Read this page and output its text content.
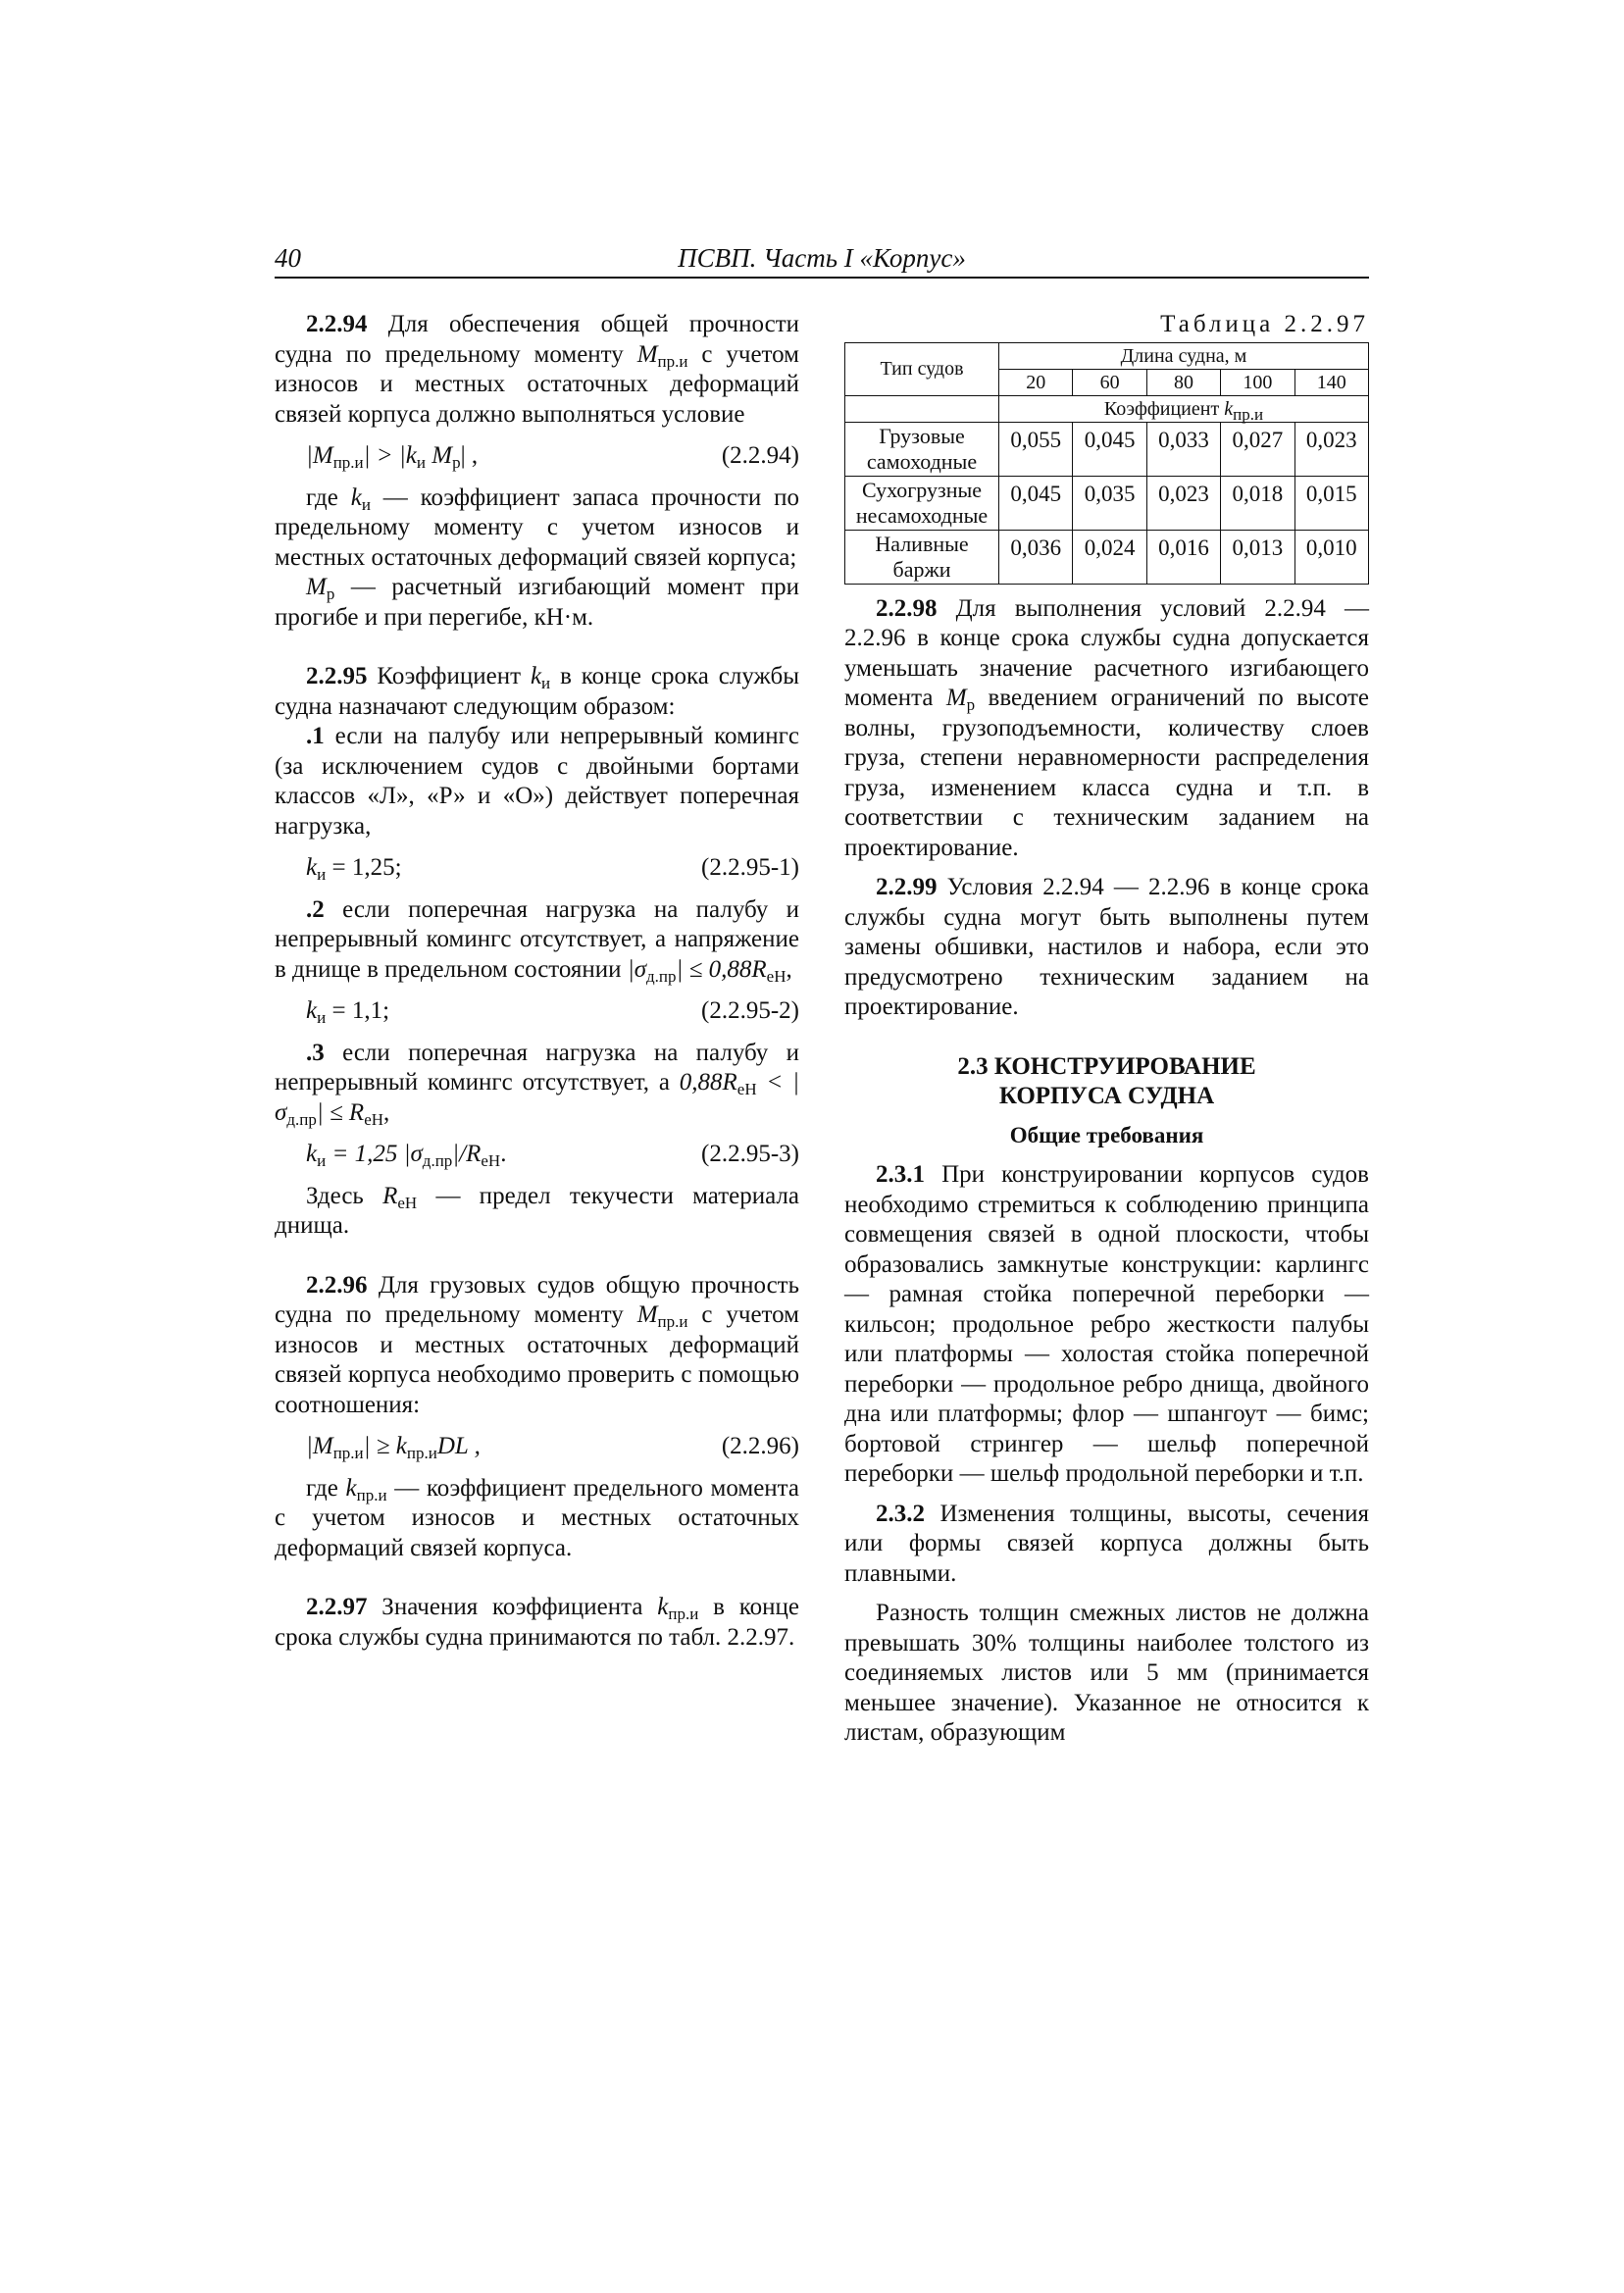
40	ПСВП. Часть I «Корпус»

2.2.94 Для обеспечения общей прочности судна по предельному моменту $M_{пр.и}$ с учетом износов и местных остаточных деформаций связей корпуса должно выполняться условие

$|M_{пр.и}| > |k_и$ $M_р|$ ,	(2.2.94)

где $k_и$ — коэффициент запаса прочности по предельному моменту с учетом износов и местных остаточных деформаций связей корпуса;

$M_р$ — расчетный изгибающий момент при прогибе и при перегибе, кН·м.

2.2.95 Коэффициент $k_и$ в конце срока службы судна назначают следующим образом:

.1 если на палубу или непрерывный комингс (за исключением судов с двойными бортами классов «Л», «Р» и «О») действует поперечная нагрузка,

$k_и = 1,25$;	(2.2.95-1)

.2 если поперечная нагрузка на палубу и непрерывный комингс отсутствует, а напряжение в днище в предельном состоянии $|\sigma_{д.пр}| \le 0,88R_{eH}$,

$k_и = 1,1$;	(2.2.95-2)

.3 если поперечная нагрузка на палубу и непрерывный комингс отсутствует, а $0,88R_{eH} < |\sigma_{д.пр}| \le R_{eH}$,

$k_и = 1,25$ $|\sigma_{д.пр}|/R_{eH}$.	(2.2.95-3)

Здесь $R_{eH}$ — предел текучести материала днища.

2.2.96 Для грузовых судов общую прочность судна по предельному моменту $M_{пр.и}$ с учетом износов и местных остаточных деформаций связей корпуса необходимо проверить с помощью соотношения:

$|M_{пр.и}| \ge k_{пр.и}DL$ ,	(2.2.96)

где $k_{пр.и}$ — коэффициент предельного момента с учетом износов и местных остаточных деформаций связей корпуса.

2.2.97 Значения коэффициента $k_{пр.и}$ в конце срока службы судна принимаются по табл. 2.2.97.

Таблица 2.2.97
Тип судов	Длина судна, м				
	20	60	80	100	140
	Коэффициент $k_{пр.и}$
Грузовые самоходные	0,055	0,045	0,033	0,027	0,023
Сухогрузные несамоходные	0,045	0,035	0,023	0,018	0,015
Наливные баржи	0,036	0,024	0,016	0,013	0,010

2.2.98 Для выполнения условий 2.2.94 — 2.2.96 в конце срока службы судна допускается уменьшать значение расчетного изгибающего момента $M_р$ введением ограничений по высоте волны, грузоподъемности, количеству слоев груза, степени неравномерности распределения груза, изменением класса судна и т.п. в соответствии с техническим заданием на проектирование.

2.2.99 Условия 2.2.94 — 2.2.96 в конце срока службы судна могут быть выполнены путем замены обшивки, настилов и набора, если это предусмотрено техническим заданием на проектирование.

2.3 КОНСТРУИРОВАНИЕ
КОРПУСА СУДНА
Общие требования

2.3.1 При конструировании корпусов судов необходимо стремиться к соблюдению принципа совмещения связей в одной плоскости, чтобы образовались замкнутые конструкции: карлингс — рамная стойка поперечной переборки — кильсон; продольное ребро жесткости палубы или платформы — холостая стойка поперечной переборки — продольное ребро днища, двойного дна или платформы; флор — шпангоут — бимс; бортовой стрингер — шельф поперечной переборки — шельф продольной переборки и т.п.

2.3.2 Изменения толщины, высоты, сечения или формы связей корпуса должны быть плавными.

Разность толщин смежных листов не должна превышать 30% толщины наиболее толстого из соединяемых листов или 5 мм (принимается меньшее значение). Указанное не относится к листам, образующим
